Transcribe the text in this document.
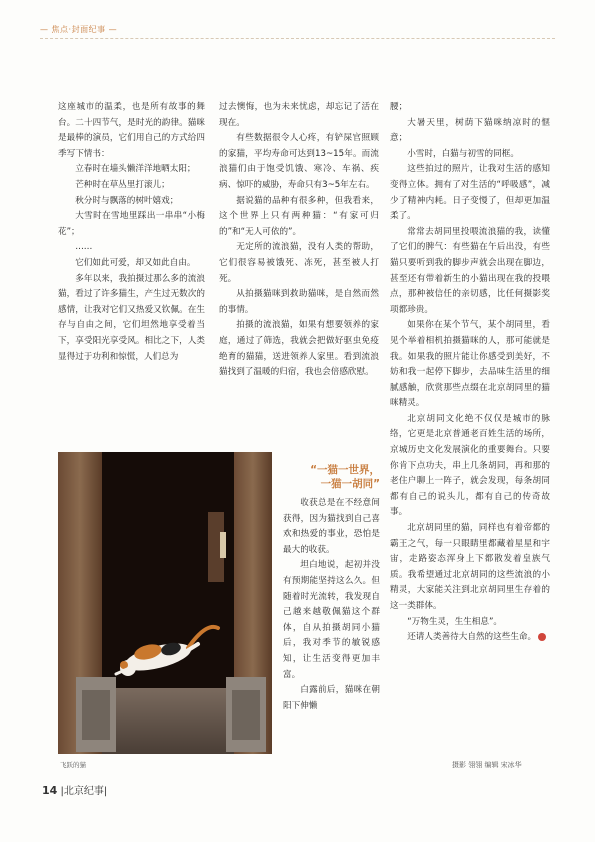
— 焦点·封面纪事 —

这座城市的温柔，也是所有故事的舞台。二十四节气，是时光的韵律。猫咪是最棒的演员，它们用自己的方式给四季写下情书：

立春时在墙头懒洋洋地晒太阳；

芒种时在草丛里打滚儿；

秋分时与飘落的树叶嬉戏；

大雪时在雪地里踩出一串串“小梅花”；

……

它们如此可爱，却又如此自由。

多年以来，我拍摄过那么多的流浪猫，看过了许多猫生，产生过无数次的感情，让我对它们又热爱又钦佩。在生存与自由之间，它们坦然地享受着当下，享受阳光享受风。相比之下，人类显得过于功利和惊慌，人们总为

过去懊悔，也为未来忧虑，却忘记了活在现在。

有些数据很令人心疼，有铲屎官照顾的家猫，平均寿命可达到13~15年。而流浪猫们由于饱受饥饿、寒冷、车祸、疾病、惊吓的威胁，寿命只有3~5年左右。

据说猫的品种有很多种，但我看来，这个世界上只有两种猫：“有家可归的”和“无人可依的”。

无定所的流浪猫，没有人类的帮助，它们很容易被饿死、冻死，甚至被人打死。

从拍摄猫咪到救助猫咪，是自然而然的事情。

拍摄的流浪猫，如果有想要领养的家庭，通过了筛选，我就会把做好驱虫免疫绝育的猫猫，送进领养人家里。看到流浪猫找到了温暖的归宿，我也会倍感欣慰。

飞跃的猫
“一猫一世界，
一猫一胡同”

收获总是在不经意间获得，因为猫找到自己喜欢和热爱的事业，恐怕是最大的收获。

坦白地说，起初并没有预期能坚持这么久。但随着时光流转，我发现自己越来越敬佩猫这个群体，自从拍摄胡同小猫后，我对季节的敏锐感知，让生活变得更加丰富。

白露前后，猫咪在朝阳下伸懒

腰；

大暑天里，树荫下猫咪纳凉时的惬意；

小雪时，白猫与初雪的同框。

这些拍过的照片，让我对生活的感知变得立体。拥有了对生活的“呼吸感”，减少了精神内耗。日子变慢了，但却更加温柔了。

常常去胡同里投喂流浪猫的我，读懂了它们的脾气：有些猫在午后出没，有些猫只要听到我的脚步声就会出现在脚边，甚至还有带着新生的小猫出现在我的投喂点，那种被信任的亲切感，比任何摄影奖项都珍贵。

如果你在某个节气，某个胡同里，看见个举着相机拍摄猫咪的人，那可能就是我。如果我的照片能让你感受到美好，不妨和我一起停下脚步，去品味生活里的细腻感触，欣赏那些点缀在北京胡同里的猫咪精灵。

北京胡同文化绝不仅仅是城市的脉络，它更是北京普通老百姓生活的场所，京城历史文化发展演化的重要舞台。只要你肯下点功夫，串上几条胡同，再和那的老住户聊上一阵子，就会发现，每条胡同都有自己的说头儿，都有自己的传奇故事。

北京胡同里的猫，同样也有着帝都的霸王之气，每一只眼睛里都藏着星星和宇宙，走路姿态浑身上下都散发着皇族气质。我希望通过北京胡同的这些流浪的小精灵，大家能关注到北京胡同里生存着的这一类群体。

“万物生灵，生生相息”。

还请人类善待大自然的这些生命。

摄影 翎翎 编辑 宋冰华
14 |北京纪事|
